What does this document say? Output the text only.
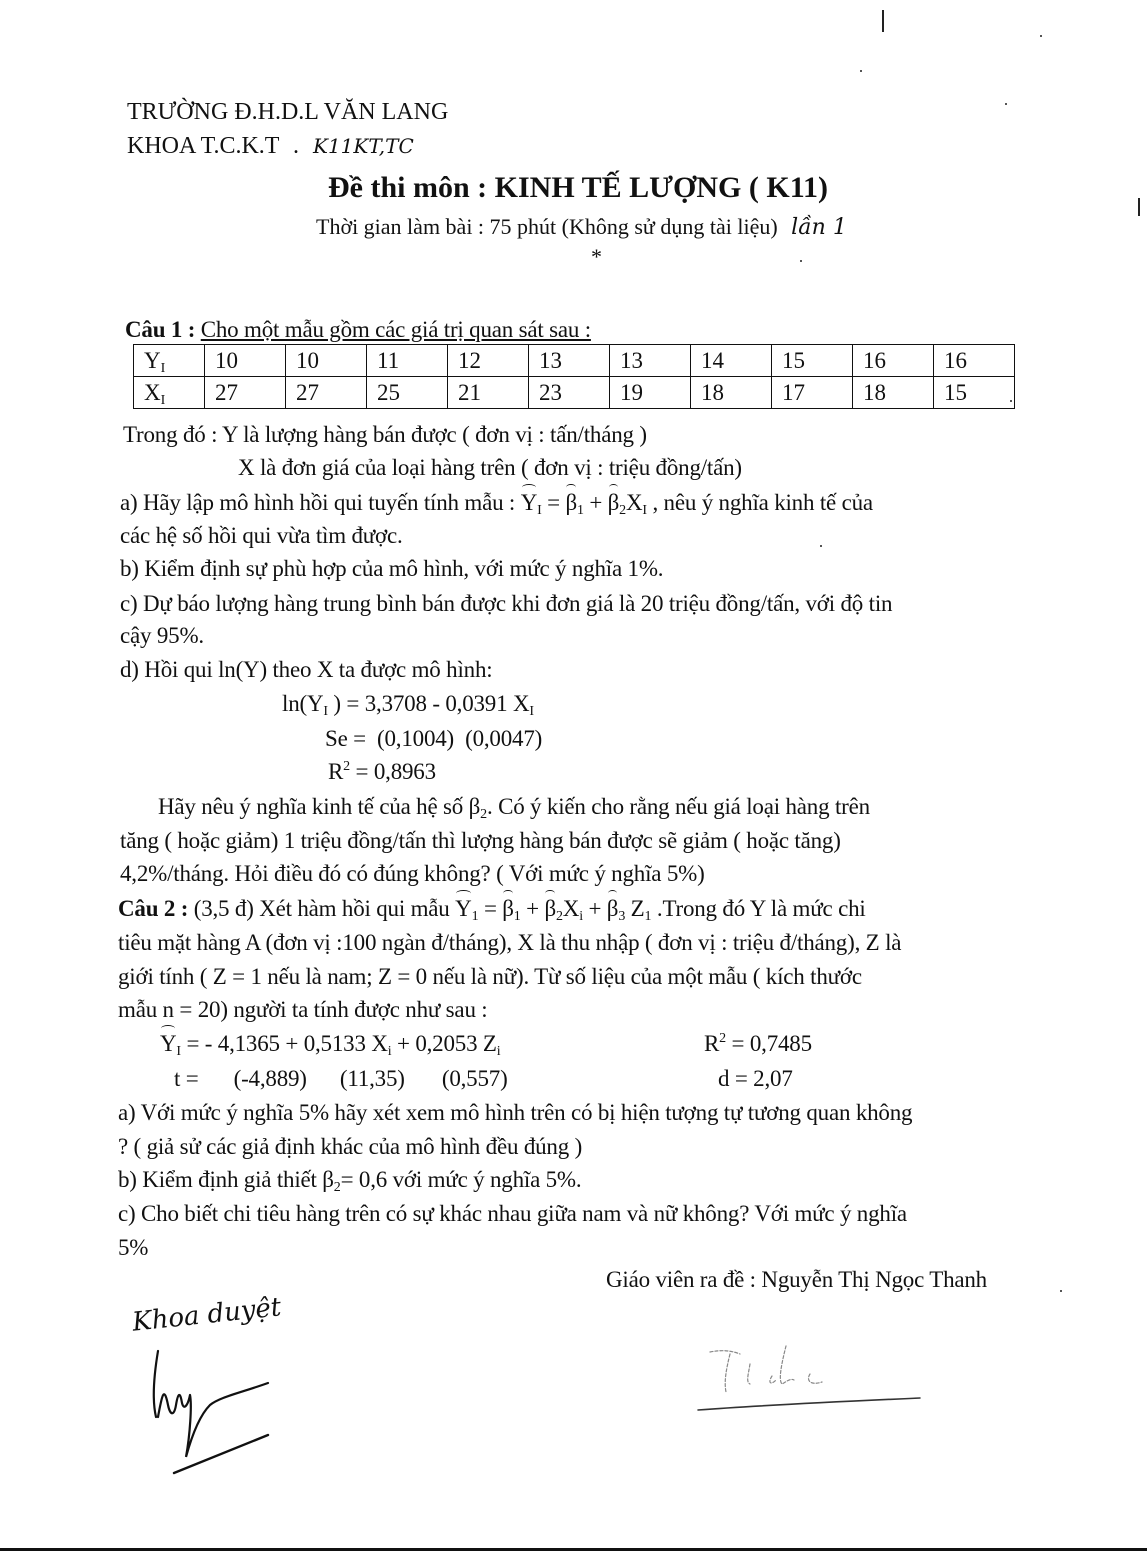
TRƯỜNG Đ.H.D.L VĂN LANG
KHOA T.C.K.T . K11KT,TC
Đề thi môn : KINH TẾ LƯỢNG ( K11)
Thời gian làm bài : 75 phút (Không sử dụng tài liệu) lần 1
*
Câu 1 : Cho một mẫu gồm các giá trị quan sát sau :
$Y_I$	10	10	11	12	13	13	14	15	16	16
$X_I$	27	27	25	21	23	19	18	17	18	15
Trong đó : Y là lượng hàng bán được ( đơn vị : tấn/tháng )
X là đơn giá của loại hàng trên ( đơn vị : triệu đồng/tấn)
a) Hãy lập mô hình hồi qui tuyến tính mẫu : $Y_I = \beta_1 + \beta_2X_I$ , nêu ý nghĩa kinh tế của
các hệ số hồi qui vừa tìm được.
b) Kiểm định sự phù hợp của mô hình, với mức ý nghĩa 1%.
c) Dự báo lượng hàng trung bình bán được khi đơn giá là 20 triệu đồng/tấn, với độ tin
cậy 95%.
d) Hồi qui ln(Y) theo X ta được mô hình:
$\ln(Y_I$ ) = 3,3708 - 0,0391 $X_I$
Se =  (0,1004) (0,0047)
$R^2 = 0,8963$
Hãy nêu ý nghĩa kinh tế của hệ số $\beta_2$. Có ý kiến cho rằng nếu giá loại hàng trên
tăng ( hoặc giảm) 1 triệu đồng/tấn thì lượng hàng bán được sẽ giảm ( hoặc tăng)
4,2%/tháng. Hỏi điều đó có đúng không? ( Với mức ý nghĩa 5%)
Câu 2 : (3,5 đ) Xét hàm hồi qui mẫu $Y_1 = \beta_1 + \beta_2X_i + \beta_3$ $Z_1$ .Trong đó Y là mức chi
tiêu mặt hàng A (đơn vị :100 ngàn đ/tháng), X là thu nhập ( đơn vị : triệu đ/tháng), Z là
giới tính ( Z = 1 nếu là nam; Z = 0 nếu là nữ). Từ số liệu của một mẫu ( kích thước
mẫu n = 20) người ta tính được như sau :
$Y_I$ = - 4,1365 + 0,5133 $X_i + 0,2053$ $Z_i$	$R^2 = 0,7485$
t = (-4,889) (11,35) (0,557)	d = 2,07
a) Với mức ý nghĩa 5% hãy xét xem mô hình trên có bị hiện tượng tự tương quan không
? ( giả sử các giả định khác của mô hình đều đúng )
b) Kiểm định giả thiết $\beta_2= 0,6$ với mức ý nghĩa 5%.
c) Cho biết chi tiêu hàng trên có sự khác nhau giữa nam và nữ không? Với mức ý nghĩa
5%
Giáo viên ra đề : Nguyễn Thị Ngọc Thanh
Khoa duyệt
